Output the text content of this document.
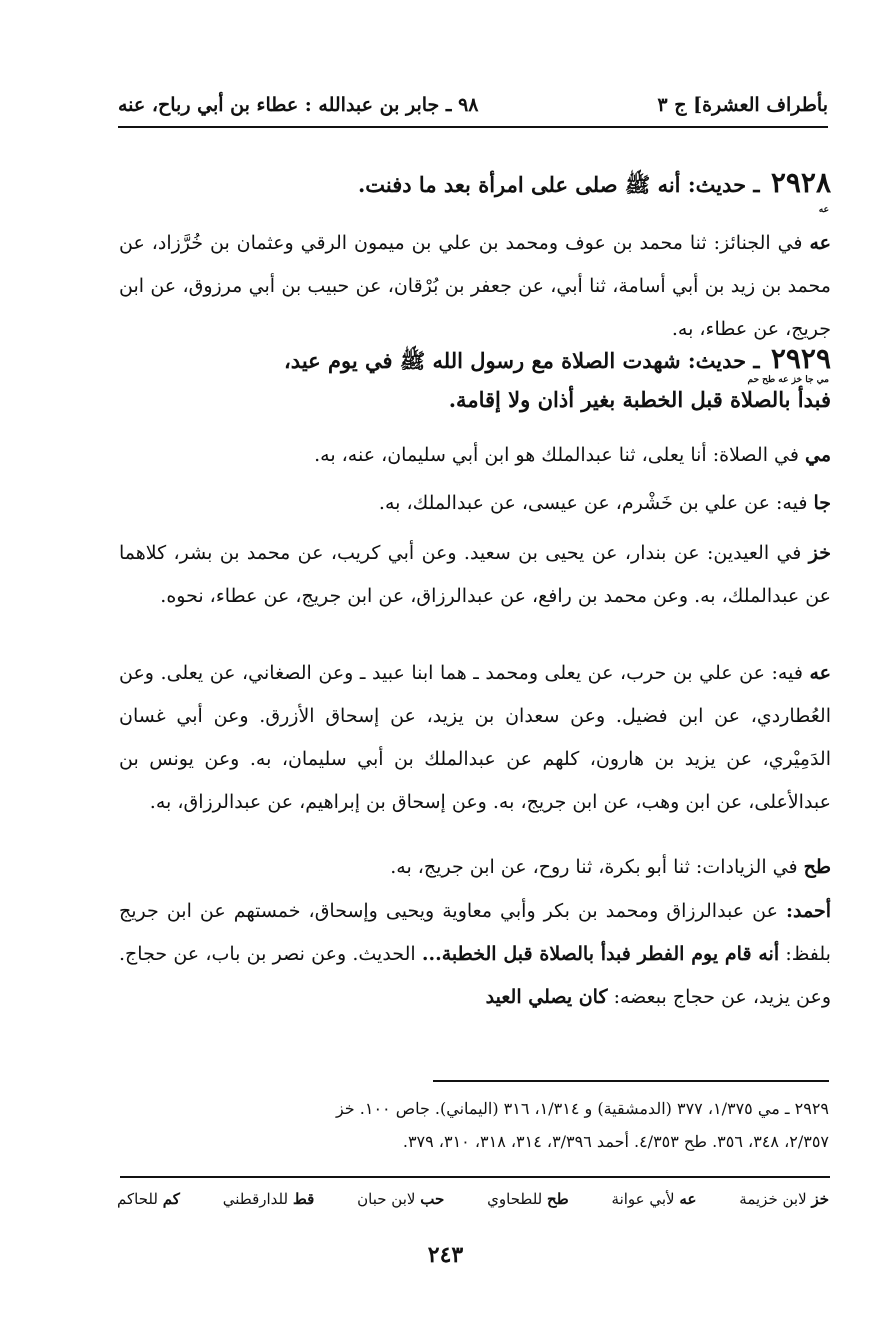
بأطراف العشرة] ج ٣
٩٨ ـ جابر بن عبدالله : عطاء بن أبي رباح، عنه
٢٩٢٨ ـ حديث: أنه ﷺ صلى على امرأة بعد ما دفنت.
عه
عه في الجنائز: ثنا محمد بن عوف ومحمد بن علي بن ميمون الرقي وعثمان بن خُرَّزاد، عن محمد بن زيد بن أبي أسامة، ثنا أبي، عن جعفر بن بُرْقان، عن حبيب بن أبي مرزوق، عن ابن جريج، عن عطاء، به.
٢٩٢٩ ـ حديث: شهدت الصلاة مع رسول الله ﷺ في يوم عيد،
فبدأ بالصلاة قبل الخطبة بغير أذان ولا إقامة.
مي جا خز عه طح حم
مي في الصلاة: أنا يعلى، ثنا عبدالملك هو ابن أبي سليمان، عنه، به.
جا فيه: عن علي بن خَشْرم، عن عيسى، عن عبدالملك، به.
خز في العيدين: عن بندار، عن يحيى بن سعيد. وعن أبي كريب، عن محمد بن بشر، كلاهما عن عبدالملك، به. وعن محمد بن رافع، عن عبدالرزاق، عن ابن جريج، عن عطاء، نحوه.
عه فيه: عن علي بن حرب، عن يعلى ومحمد ـ هما ابنا عبيد ـ وعن الصغاني، عن يعلى. وعن العُطاردي، عن ابن فضيل. وعن سعدان بن يزيد، عن إسحاق الأزرق. وعن أبي غسان الدَمِيْري، عن يزيد بن هارون، كلهم عن عبدالملك بن أبي سليمان، به. وعن يونس بن عبدالأعلى، عن ابن وهب، عن ابن جريج، به. وعن إسحاق بن إبراهيم، عن عبدالرزاق، به.
طح في الزيادات: ثنا أبو بكرة، ثنا روح، عن ابن جريج، به.
أحمد: عن عبدالرزاق ومحمد بن بكر وأبي معاوية ويحيى وإسحاق، خمستهم عن ابن جريج بلفظ: أنه قام يوم الفطر فبدأ بالصلاة قبل الخطبة... الحديث. وعن نصر بن باب، عن حجاج. وعن يزيد، عن حجاج ببعضه: كان يصلي العيد
٢٩٢٩ ـ مي ١/٣٧٥، ٣٧٧ (الدمشقية) و ١/٣١٤، ٣١٦ (اليماني). جاص ١٠٠. خز
٢/٣٥٧، ٣٤٨، ٣٥٦. طح ٤/٣٥٣. أحمد ٣/٣٩٦، ٣١٤، ٣١٨، ٣١٠، ٣٧٩.
خز لابن خزيمة
عه لأبي عوانة
طح للطحاوي
حب لابن حبان
قط للدارقطني
كم للحاكم
٢٤٣
